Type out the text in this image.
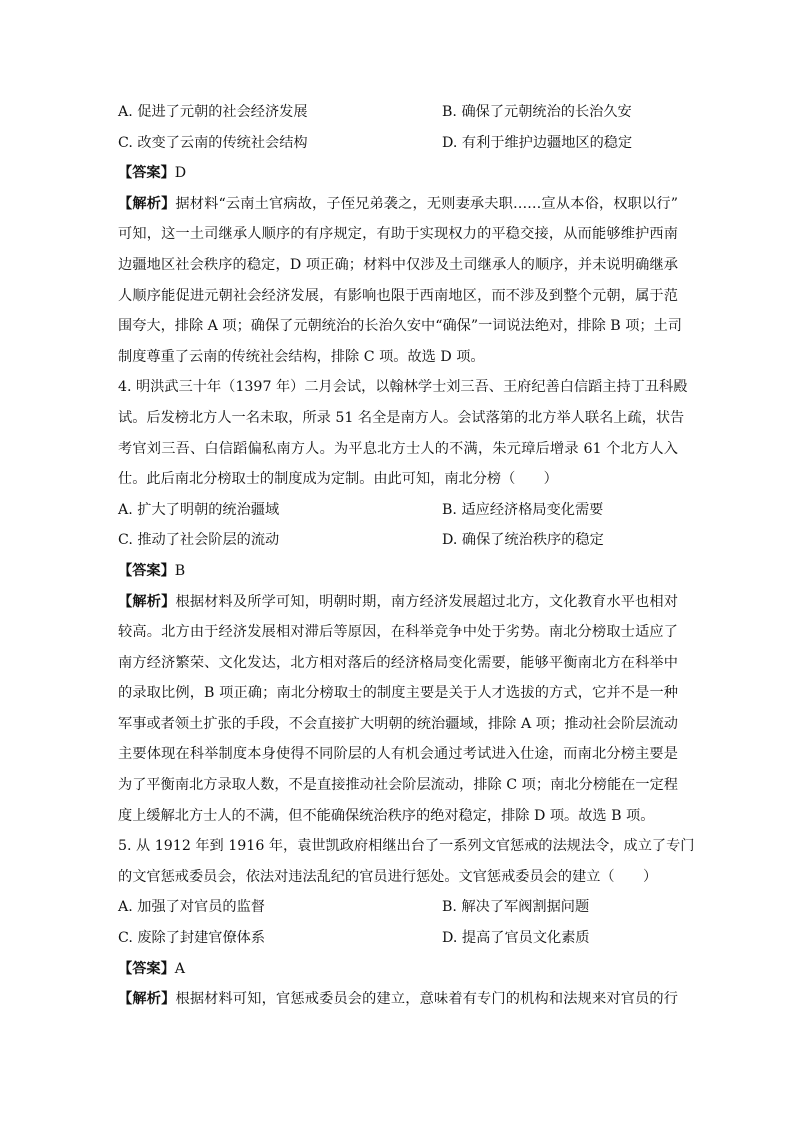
A. 促进了元朝的社会经济发展	B. 确保了元朝统治的长治久安
C. 改变了云南的传统社会结构	D. 有利于维护边疆地区的稳定
【答案】D
【解析】据材料“云南土官病故，子侄兄弟袭之，无则妻承夫职……宣从本俗，权职以行”
可知，这一土司继承人顺序的有序规定，有助于实现权力的平稳交接，从而能够维护西南
边疆地区社会秩序的稳定，D 项正确；材料中仅涉及土司继承人的顺序，并未说明确继承
人顺序能促进元朝社会经济发展，有影响也限于西南地区，而不涉及到整个元朝，属于范
围夸大，排除 A 项；确保了元朝统治的长治久安中“确保”一词说法绝对，排除 B 项；土司
制度尊重了云南的传统社会结构，排除 C 项。故选 D 项。
4. 明洪武三十年（1397 年）二月会试，以翰林学士刘三吾、王府纪善白信蹈主持丁丑科殿
试。后发榜北方人一名未取，所录 51 名全是南方人。会试落第的北方举人联名上疏，状告
考官刘三吾、白信蹈偏私南方人。为平息北方士人的不满，朱元璋后增录 61 个北方人入
仕。此后南北分榜取士的制度成为定制。由此可知，南北分榜（　　）
A. 扩大了明朝的统治疆域	B. 适应经济格局变化需要
C. 推动了社会阶层的流动	D. 确保了统治秩序的稳定
【答案】B
【解析】根据材料及所学可知，明朝时期，南方经济发展超过北方，文化教育水平也相对
较高。北方由于经济发展相对滞后等原因，在科举竞争中处于劣势。南北分榜取士适应了
南方经济繁荣、文化发达，北方相对落后的经济格局变化需要，能够平衡南北方在科举中
的录取比例，B 项正确；南北分榜取士的制度主要是关于人才选拔的方式，它并不是一种
军事或者领土扩张的手段，不会直接扩大明朝的统治疆域，排除 A 项；推动社会阶层流动
主要体现在科举制度本身使得不同阶层的人有机会通过考试进入仕途，而南北分榜主要是
为了平衡南北方录取人数，不是直接推动社会阶层流动，排除 C 项；南北分榜能在一定程
度上缓解北方士人的不满，但不能确保统治秩序的绝对稳定，排除 D 项。故选 B 项。
5. 从 1912 年到 1916 年，袁世凯政府相继出台了一系列文官惩戒的法规法令，成立了专门
的文官惩戒委员会，依法对违法乱纪的官员进行惩处。文官惩戒委员会的建立（　　）
A. 加强了对官员的监督	B. 解决了军阀割据问题
C. 废除了封建官僚体系	D. 提高了官员文化素质
【答案】A
【解析】根据材料可知，官惩戒委员会的建立，意味着有专门的机构和法规来对官员的行
